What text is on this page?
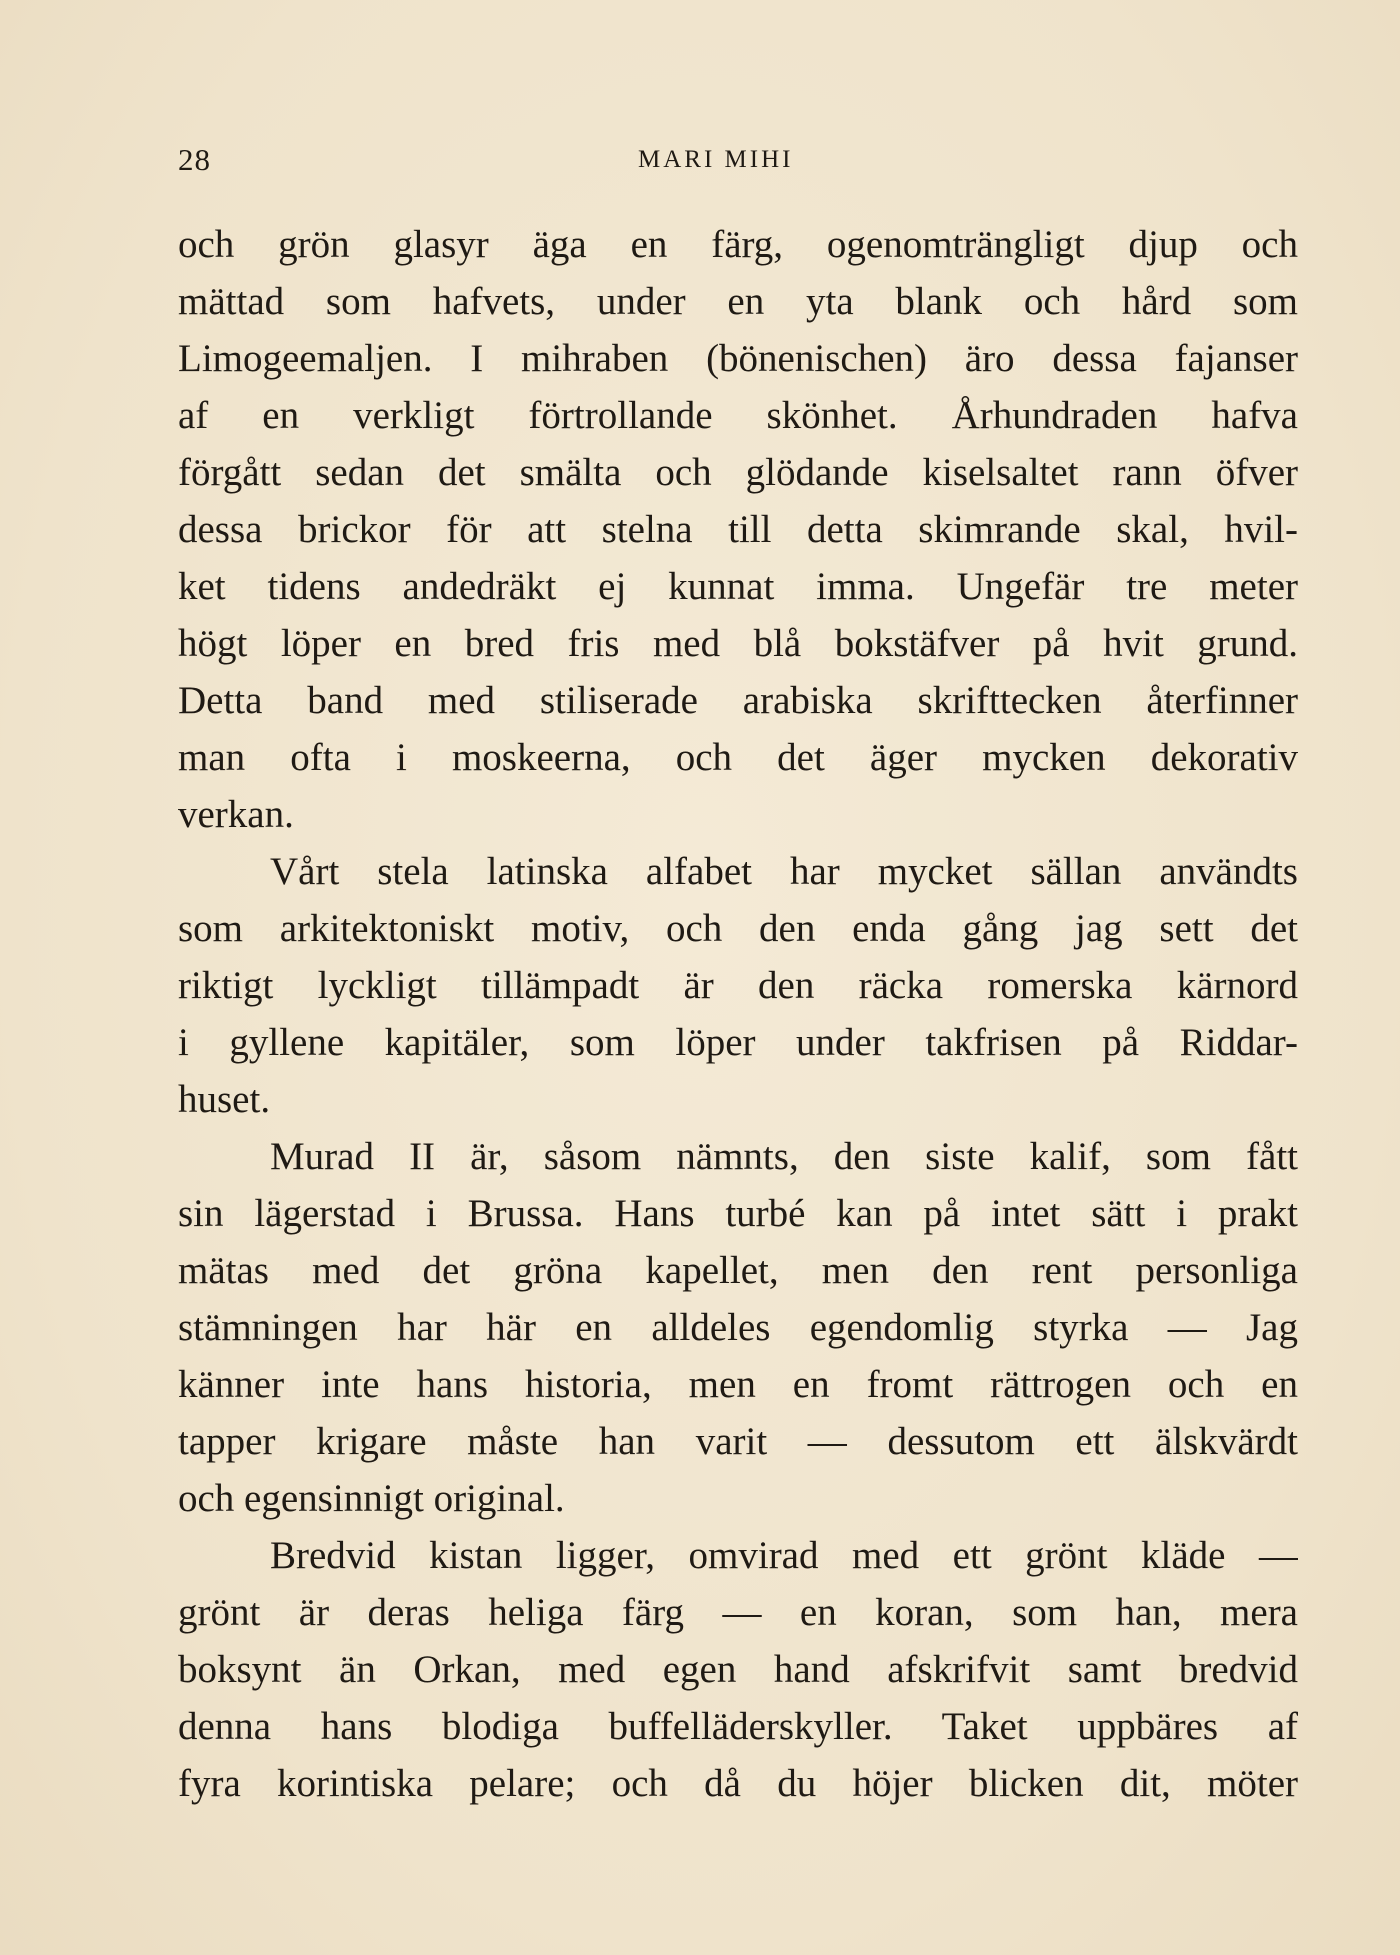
28	MARI MIHI
och grön glasyr äga en färg, ogenomträngligt djup och
mättad som hafvets, under en yta blank och hård som
Limogeemaljen. I mihraben (bönenischen) äro dessa fajanser
af en verkligt förtrollande skönhet. Århundraden hafva
förgått sedan det smälta och glödande kiselsaltet rann öfver
dessa brickor för att stelna till detta skimrande skal, hvil-
ket tidens andedräkt ej kunnat imma. Ungefär tre meter
högt löper en bred fris med blå bokstäfver på hvit grund.
Detta band med stiliserade arabiska skrifttecken återfinner
man ofta i moskeerna, och det äger mycken dekorativ
verkan.
Vårt stela latinska alfabet har mycket sällan användts
som arkitektoniskt motiv, och den enda gång jag sett det
riktigt lyckligt tillämpadt är den räcka romerska kärnord
i gyllene kapitäler, som löper under takfrisen på Riddar-
huset.
Murad II är, såsom nämnts, den siste kalif, som fått
sin lägerstad i Brussa. Hans turbé kan på intet sätt i prakt
mätas med det gröna kapellet, men den rent personliga
stämningen har här en alldeles egendomlig styrka — Jag
känner inte hans historia, men en fromt rättrogen och en
tapper krigare måste han varit — dessutom ett älskvärdt
och egensinnigt original.
Bredvid kistan ligger, omvirad med ett grönt kläde —
grönt är deras heliga färg — en koran, som han, mera
boksynt än Orkan, med egen hand afskrifvit samt bredvid
denna hans blodiga buffelläderskyller. Taket uppbäres af
fyra korintiska pelare; och då du höjer blicken dit, möter
